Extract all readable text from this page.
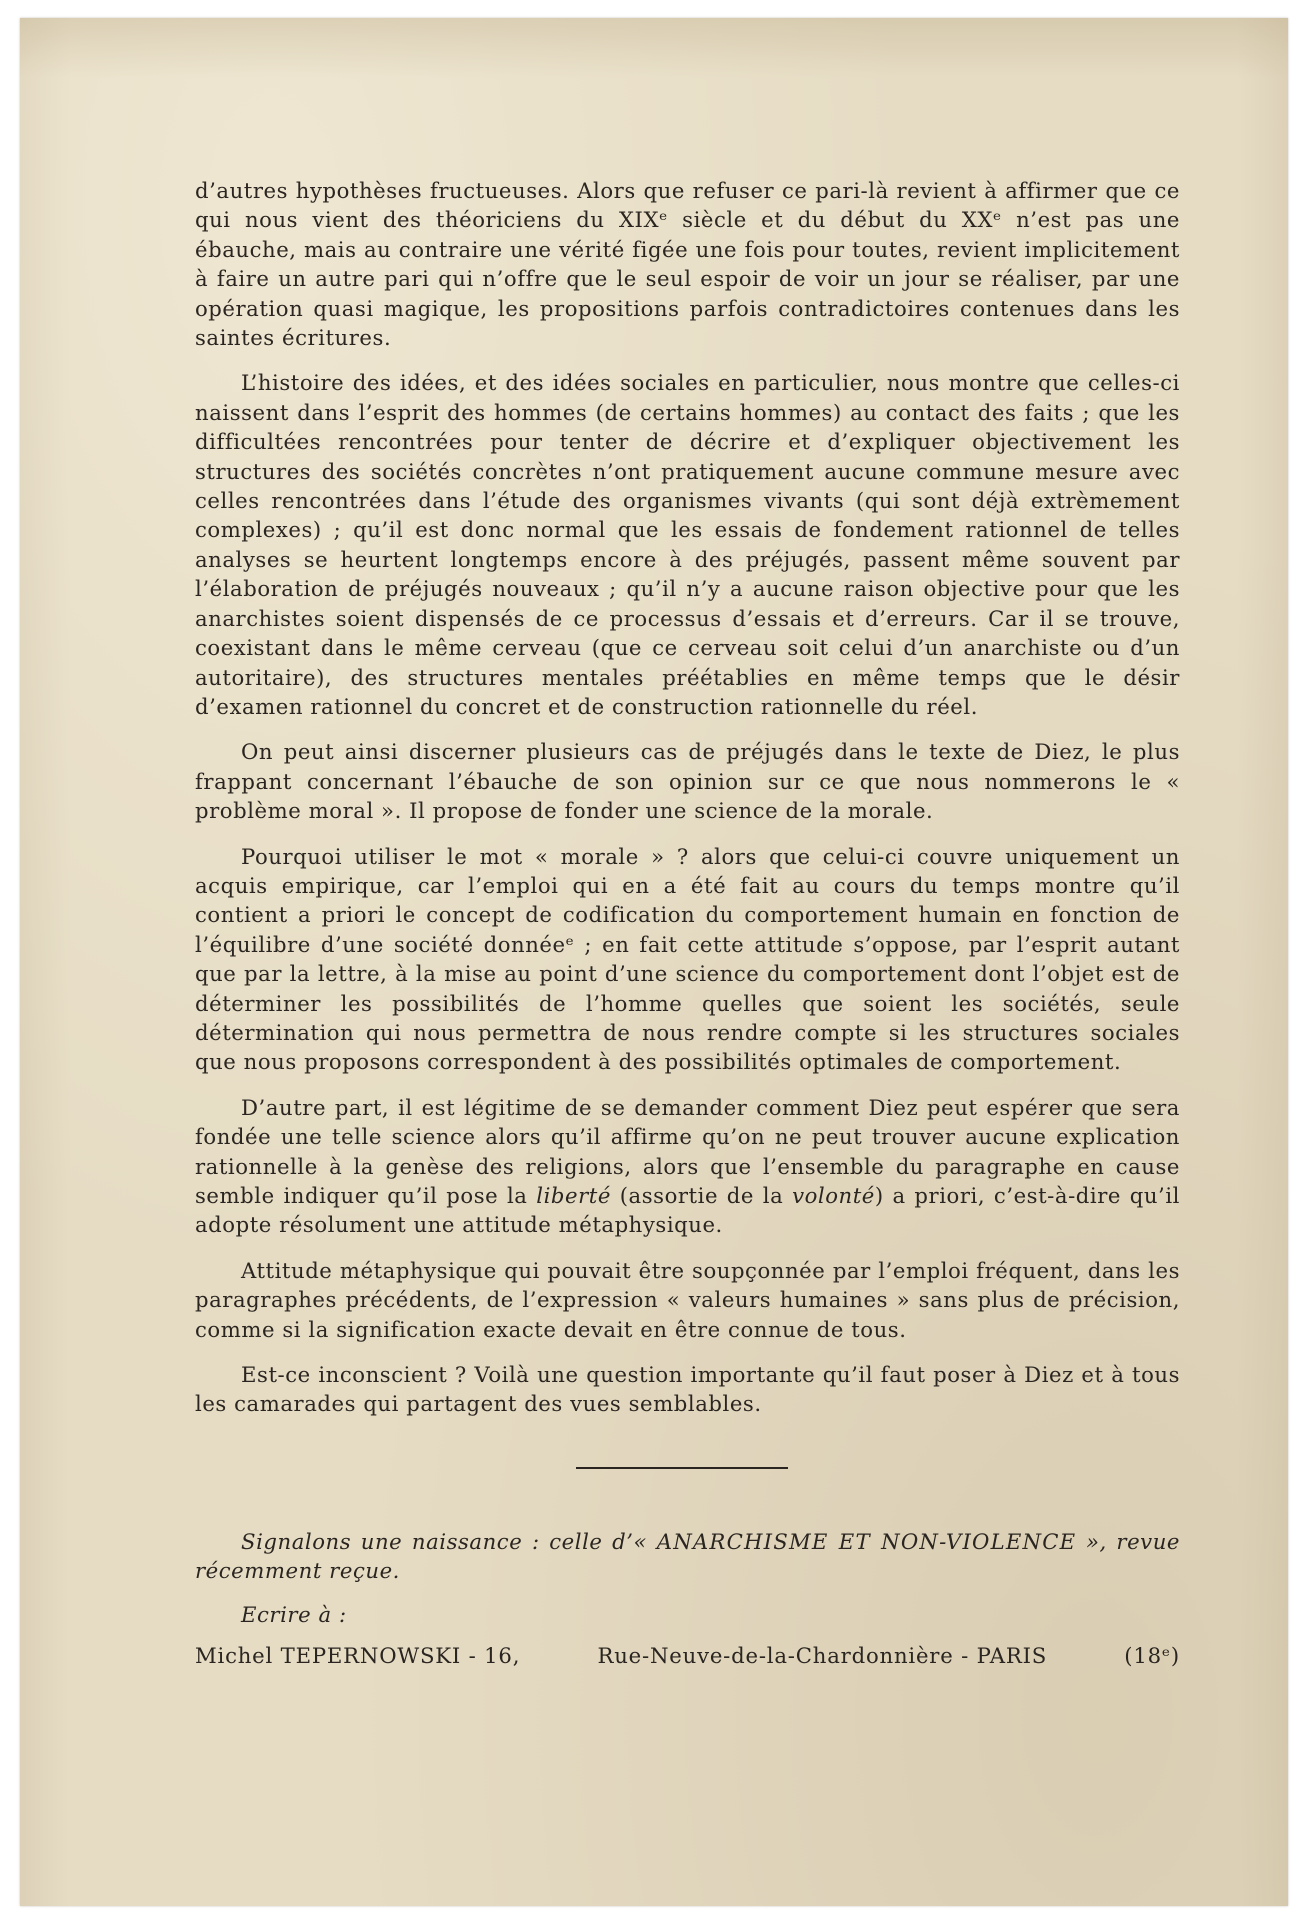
d’autres hypothèses fructueuses. Alors que refuser ce pari-là revient à affirmer que ce qui nous vient des théoriciens du XIXᵉ siècle et du début du XXᵉ n’est pas une ébauche, mais au contraire une vérité figée une fois pour toutes, revient implicitement à faire un autre pari qui n’offre que le seul espoir de voir un jour se réaliser, par une opération quasi magique, les propositions parfois contradictoires contenues dans les saintes écritures.

L’histoire des idées, et des idées sociales en particulier, nous montre que celles-ci naissent dans l’esprit des hommes (de certains hommes) au contact des faits ; que les difficultées rencontrées pour tenter de décrire et d’expliquer objectivement les structures des sociétés concrètes n’ont pratiquement aucune commune mesure avec celles rencontrées dans l’étude des organismes vivants (qui sont déjà extrèmement complexes) ; qu’il est donc normal que les essais de fondement rationnel de telles analyses se heurtent longtemps encore à des préjugés, passent même souvent par l’élaboration de préjugés nouveaux ; qu’il n’y a aucune raison objective pour que les anarchistes soient dispensés de ce processus d’essais et d’erreurs. Car il se trouve, coexistant dans le même cerveau (que ce cerveau soit celui d’un anarchiste ou d’un autoritaire), des structures mentales préétablies en même temps que le désir d’examen rationnel du concret et de construction rationnelle du réel.

On peut ainsi discerner plusieurs cas de préjugés dans le texte de Diez, le plus frappant concernant l’ébauche de son opinion sur ce que nous nommerons le « problème moral ». Il propose de fonder une science de la morale.

Pourquoi utiliser le mot « morale » ? alors que celui-ci couvre uniquement un acquis empirique, car l’emploi qui en a été fait au cours du temps montre qu’il contient a priori le concept de codification du comportement humain en fonction de l’équilibre d’une société donnéeᵉ ; en fait cette attitude s’oppose, par l’esprit autant que par la lettre, à la mise au point d’une science du comportement dont l’objet est de déterminer les possibilités de l’homme quelles que soient les sociétés, seule détermination qui nous permettra de nous rendre compte si les structures sociales que nous proposons correspondent à des possibilités optimales de comportement.

D’autre part, il est légitime de se demander comment Diez peut espérer que sera fondée une telle science alors qu’il affirme qu’on ne peut trouver aucune explication rationnelle à la genèse des religions, alors que l’ensemble du paragraphe en cause semble indiquer qu’il pose la liberté (assortie de la volonté) a priori, c’est-à-dire qu’il adopte résolument une attitude métaphysique.

Attitude métaphysique qui pouvait être soupçonnée par l’emploi fréquent, dans les paragraphes précédents, de l’expression « valeurs humaines » sans plus de précision, comme si la signification exacte devait en être connue de tous.

Est-ce inconscient ? Voilà une question importante qu’il faut poser à Diez et à tous les camarades qui partagent des vues semblables.

Signalons une naissance : celle d’« ANARCHISME ET NON-VIOLENCE », revue récemment reçue.
Ecrire à :
Michel TEPERNOWSKI - 16,	Rue-Neuve-de-la-Chardonnière - PARIS	(18ᵉ)
